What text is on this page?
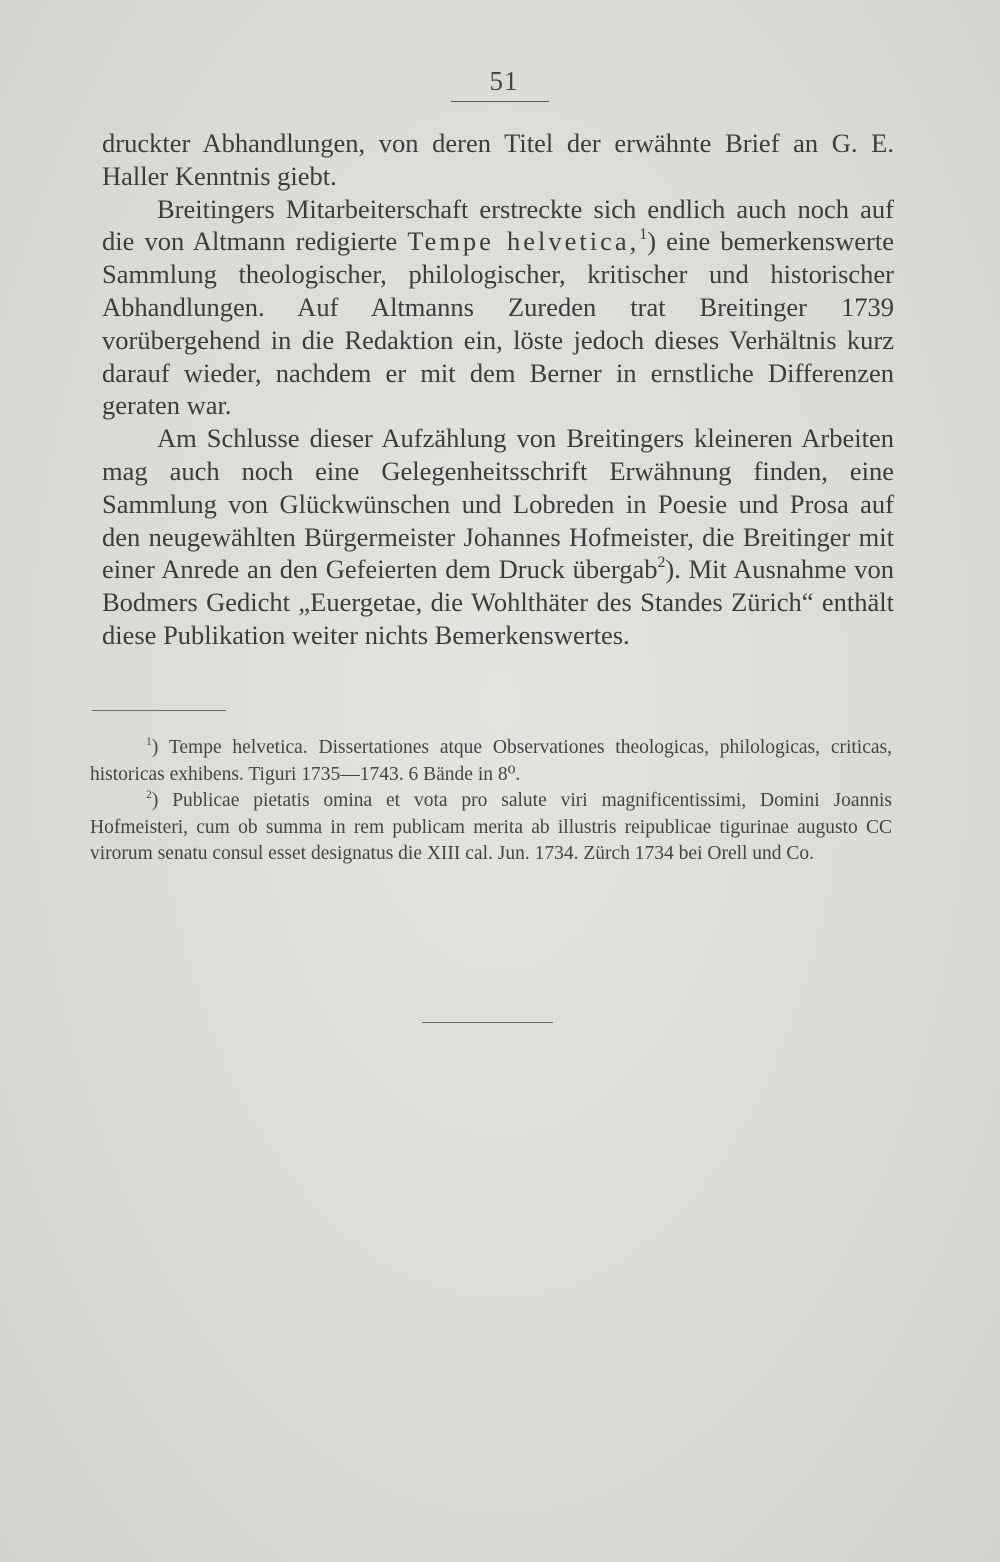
51

druckter Abhandlungen, von deren Titel der erwähnte Brief an G. E. Haller Kenntnis giebt.

Breitingers Mitarbeiterschaft erstreckte sich endlich auch noch auf die von Altmann redigierte Tempe helvetica,$^1$) eine bemerkenswerte Sammlung theologischer, philologischer, kritischer und historischer Abhandlungen. Auf Altmanns Zureden trat Breitinger 1739 vorübergehend in die Redaktion ein, löste jedoch dieses Verhältnis kurz darauf wieder, nachdem er mit dem Berner in ernstliche Differenzen geraten war.

Am Schlusse dieser Aufzählung von Breitingers kleineren Arbeiten mag auch noch eine Gelegenheitsschrift Erwähnung finden, eine Sammlung von Glückwünschen und Lobreden in Poesie und Prosa auf den neugewählten Bürgermeister Johannes Hofmeister, die Breitinger mit einer Anrede an den Gefeierten dem Druck übergab$^2$). Mit Ausnahme von Bodmers Gedicht „Euergetae, die Wohlthäter des Standes Zürich“ enthält diese Publikation weiter nichts Bemerkenswertes.

$^1$) Tempe helvetica. Dissertationes atque Observationes theologicas, philologicas, criticas, historicas exhibens. Tiguri 1735—1743. 6 Bände in 8⁰.

$^2$) Publicae pietatis omina et vota pro salute viri magnificentissimi, Domini Joannis Hofmeisteri, cum ob summa in rem publicam merita ab illustris reipublicae tigurinae augusto CC virorum senatu consul esset designatus die XIII cal. Jun. 1734. Zürch 1734 bei Orell und Co.
